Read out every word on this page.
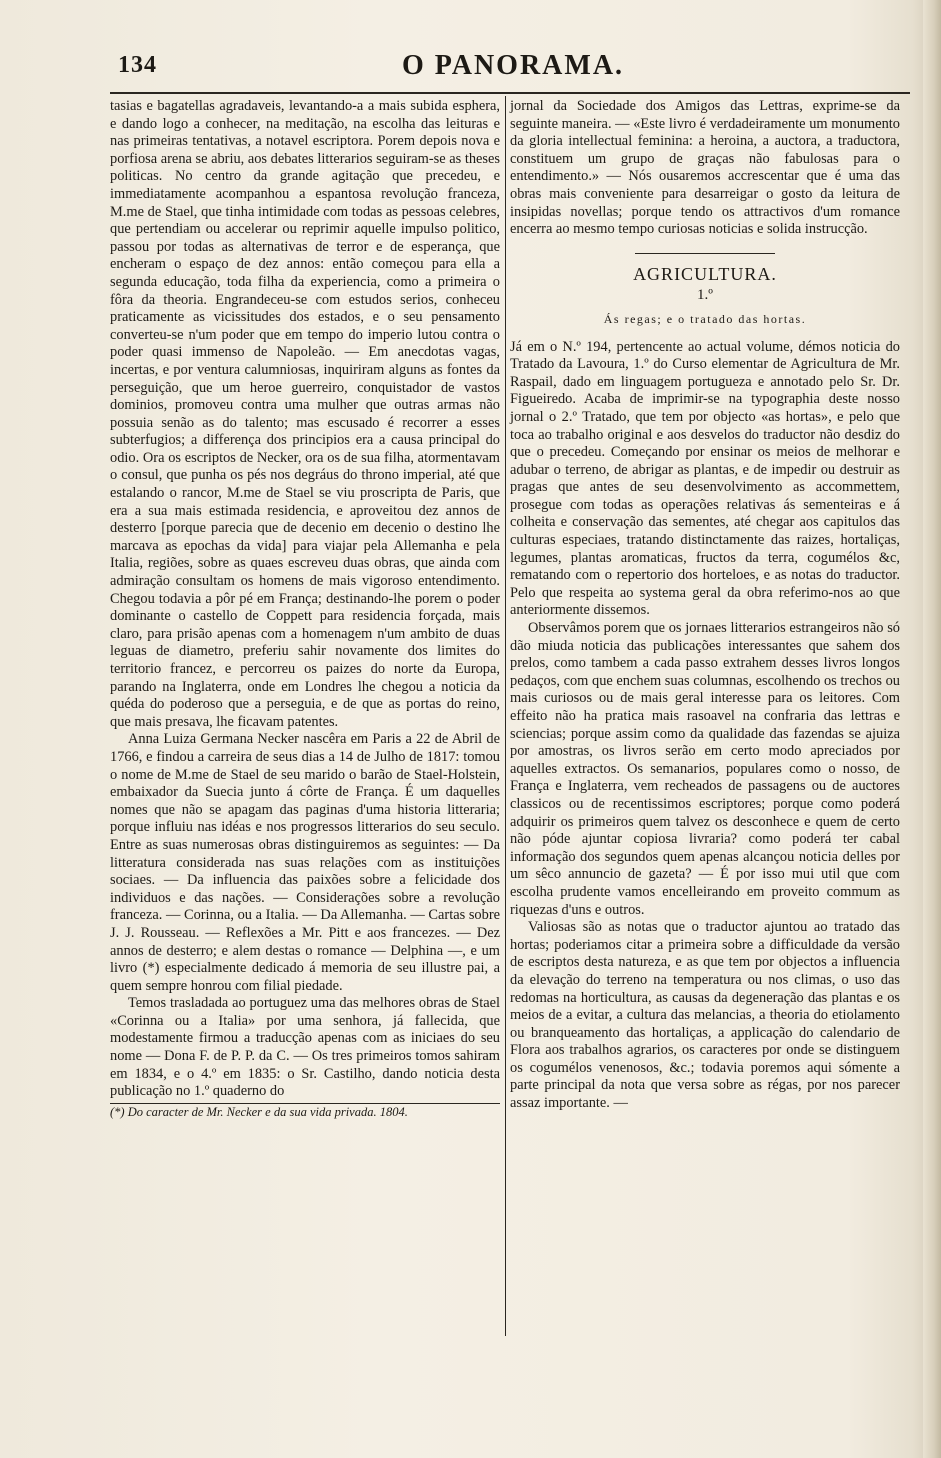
134	O PANORAMA.

tasias e bagatellas agradaveis, levantando-a a mais subida esphera, e dando logo a conhecer, na meditação, na escolha das leituras e nas primeiras tentativas, a notavel escriptora. Porem depois nova e porfiosa arena se abriu, aos debates litterarios seguiram-se as theses politicas. No centro da grande agitação que precedeu, e immediatamente acompanhou a espantosa revolução franceza, M.me de Stael, que tinha intimidade com todas as pessoas celebres, que pertendiam ou accelerar ou reprimir aquelle impulso politico, passou por todas as alternativas de terror e de esperança, que encheram o espaço de dez annos: então começou para ella a segunda educação, toda filha da experiencia, como a primeira o fôra da theoria. Engrandeceu-se com estudos serios, conheceu praticamente as vicissitudes dos estados, e o seu pensamento converteu-se n'um poder que em tempo do imperio lutou contra o poder quasi immenso de Napoleão. — Em anecdotas vagas, incertas, e por ventura calumniosas, inquiriram alguns as fontes da perseguição, que um heroe guerreiro, conquistador de vastos dominios, promoveu contra uma mulher que outras armas não possuia senão as do talento; mas escusado é recorrer a esses subterfugios; a differença dos principios era a causa principal do odio. Ora os escriptos de Necker, ora os de sua filha, atormentavam o consul, que punha os pés nos degráus do throno imperial, até que estalando o rancor, M.me de Stael se viu proscripta de Paris, que era a sua mais estimada residencia, e aproveitou dez annos de desterro [porque parecia que de decenio em decenio o destino lhe marcava as epochas da vida] para viajar pela Allemanha e pela Italia, regiões, sobre as quaes escreveu duas obras, que ainda com admiração consultam os homens de mais vigoroso entendimento. Chegou todavia a pôr pé em França; destinando-lhe porem o poder dominante o castello de Coppett para residencia forçada, mais claro, para prisão apenas com a homenagem n'um ambito de duas leguas de diametro, preferiu sahir novamente dos limites do territorio francez, e percorreu os paizes do norte da Europa, parando na Inglaterra, onde em Londres lhe chegou a noticia da quéda do poderoso que a perseguia, e de que as portas do reino, que mais presava, lhe ficavam patentes.

Anna Luiza Germana Necker nascêra em Paris a 22 de Abril de 1766, e findou a carreira de seus dias a 14 de Julho de 1817: tomou o nome de M.me de Stael de seu marido o barão de Stael-Holstein, embaixador da Suecia junto á côrte de França. É um daquelles nomes que não se apagam das paginas d'uma historia litteraria; porque influiu nas idéas e nos progressos litterarios do seu seculo. Entre as suas numerosas obras distinguiremos as seguintes: — Da litteratura considerada nas suas relações com as instituições sociaes. — Da influencia das paixões sobre a felicidade dos individuos e das nações. — Considerações sobre a revolução franceza. — Corinna, ou a Italia. — Da Allemanha. — Cartas sobre J. J. Rousseau. — Reflexões a Mr. Pitt e aos francezes. — Dez annos de desterro; e alem destas o romance — Delphina —, e um livro (*) especialmente dedicado á memoria de seu illustre pai, a quem sempre honrou com filial piedade.

Temos trasladada ao portuguez uma das melhores obras de Stael «Corinna ou a Italia» por uma senhora, já fallecida, que modestamente firmou a traducção apenas com as iniciaes do seu nome — Dona F. de P. P. da C. — Os tres primeiros tomos sahiram em 1834, e o 4.º em 1835: o Sr. Castilho, dando noticia desta publicação no 1.º quaderno do

(*) Do caracter de Mr. Necker e da sua vida privada. 1804.

jornal da Sociedade dos Amigos das Lettras, exprime-se da seguinte maneira. — «Este livro é verdadeiramente um monumento da gloria intellectual feminina: a heroina, a auctora, a traductora, constituem um grupo de graças não fabulosas para o entendimento.» — Nós ousaremos accrescentar que é uma das obras mais conveniente para desarreigar o gosto da leitura de insipidas novellas; porque tendo os attractivos d'um romance encerra ao mesmo tempo curiosas noticias e solida instrucção.

AGRICULTURA.
1.º
Ás regas; e o tratado das hortas.

Já em o N.º 194, pertencente ao actual volume, démos noticia do Tratado da Lavoura, 1.º do Curso elementar de Agricultura de Mr. Raspail, dado em linguagem portugueza e annotado pelo Sr. Dr. Figueiredo. Acaba de imprimir-se na typographia deste nosso jornal o 2.º Tratado, que tem por objecto «as hortas», e pelo que toca ao trabalho original e aos desvelos do traductor não desdiz do que o precedeu. Começando por ensinar os meios de melhorar e adubar o terreno, de abrigar as plantas, e de impedir ou destruir as pragas que antes de seu desenvolvimento as accommettem, prosegue com todas as operações relativas ás sementeiras e á colheita e conservação das sementes, até chegar aos capitulos das culturas especiaes, tratando distinctamente das raizes, hortaliças, legumes, plantas aromaticas, fructos da terra, cogumélos &c, rematando com o repertorio dos horteloes, e as notas do traductor. Pelo que respeita ao systema geral da obra referimo-nos ao que anteriormente dissemos.

Observâmos porem que os jornaes litterarios estrangeiros não só dão miuda noticia das publicações interessantes que sahem dos prelos, como tambem a cada passo extrahem desses livros longos pedaços, com que enchem suas columnas, escolhendo os trechos ou mais curiosos ou de mais geral interesse para os leitores. Com effeito não ha pratica mais rasoavel na confraria das lettras e sciencias; porque assim como da qualidade das fazendas se ajuiza por amostras, os livros serão em certo modo apreciados por aquelles extractos. Os semanarios, populares como o nosso, de França e Inglaterra, vem recheados de passagens ou de auctores classicos ou de recentissimos escriptores; porque como poderá adquirir os primeiros quem talvez os desconhece e quem de certo não póde ajuntar copiosa livraria? como poderá ter cabal informação dos segundos quem apenas alcançou noticia delles por um sêco annuncio de gazeta? — É por isso mui util que com escolha prudente vamos encelleirando em proveito commum as riquezas d'uns e outros.

Valiosas são as notas que o traductor ajuntou ao tratado das hortas; poderiamos citar a primeira sobre a difficuldade da versão de escriptos desta natureza, e as que tem por objectos a influencia da elevação do terreno na temperatura ou nos climas, o uso das redomas na horticultura, as causas da degeneração das plantas e os meios de a evitar, a cultura das melancias, a theoria do etiolamento ou branqueamento das hortaliças, a applicação do calendario de Flora aos trabalhos agrarios, os caracteres por onde se distinguem os cogumélos venenosos, &c.; todavia poremos aqui sómente a parte principal da nota que versa sobre as régas, por nos parecer assaz importante. —
